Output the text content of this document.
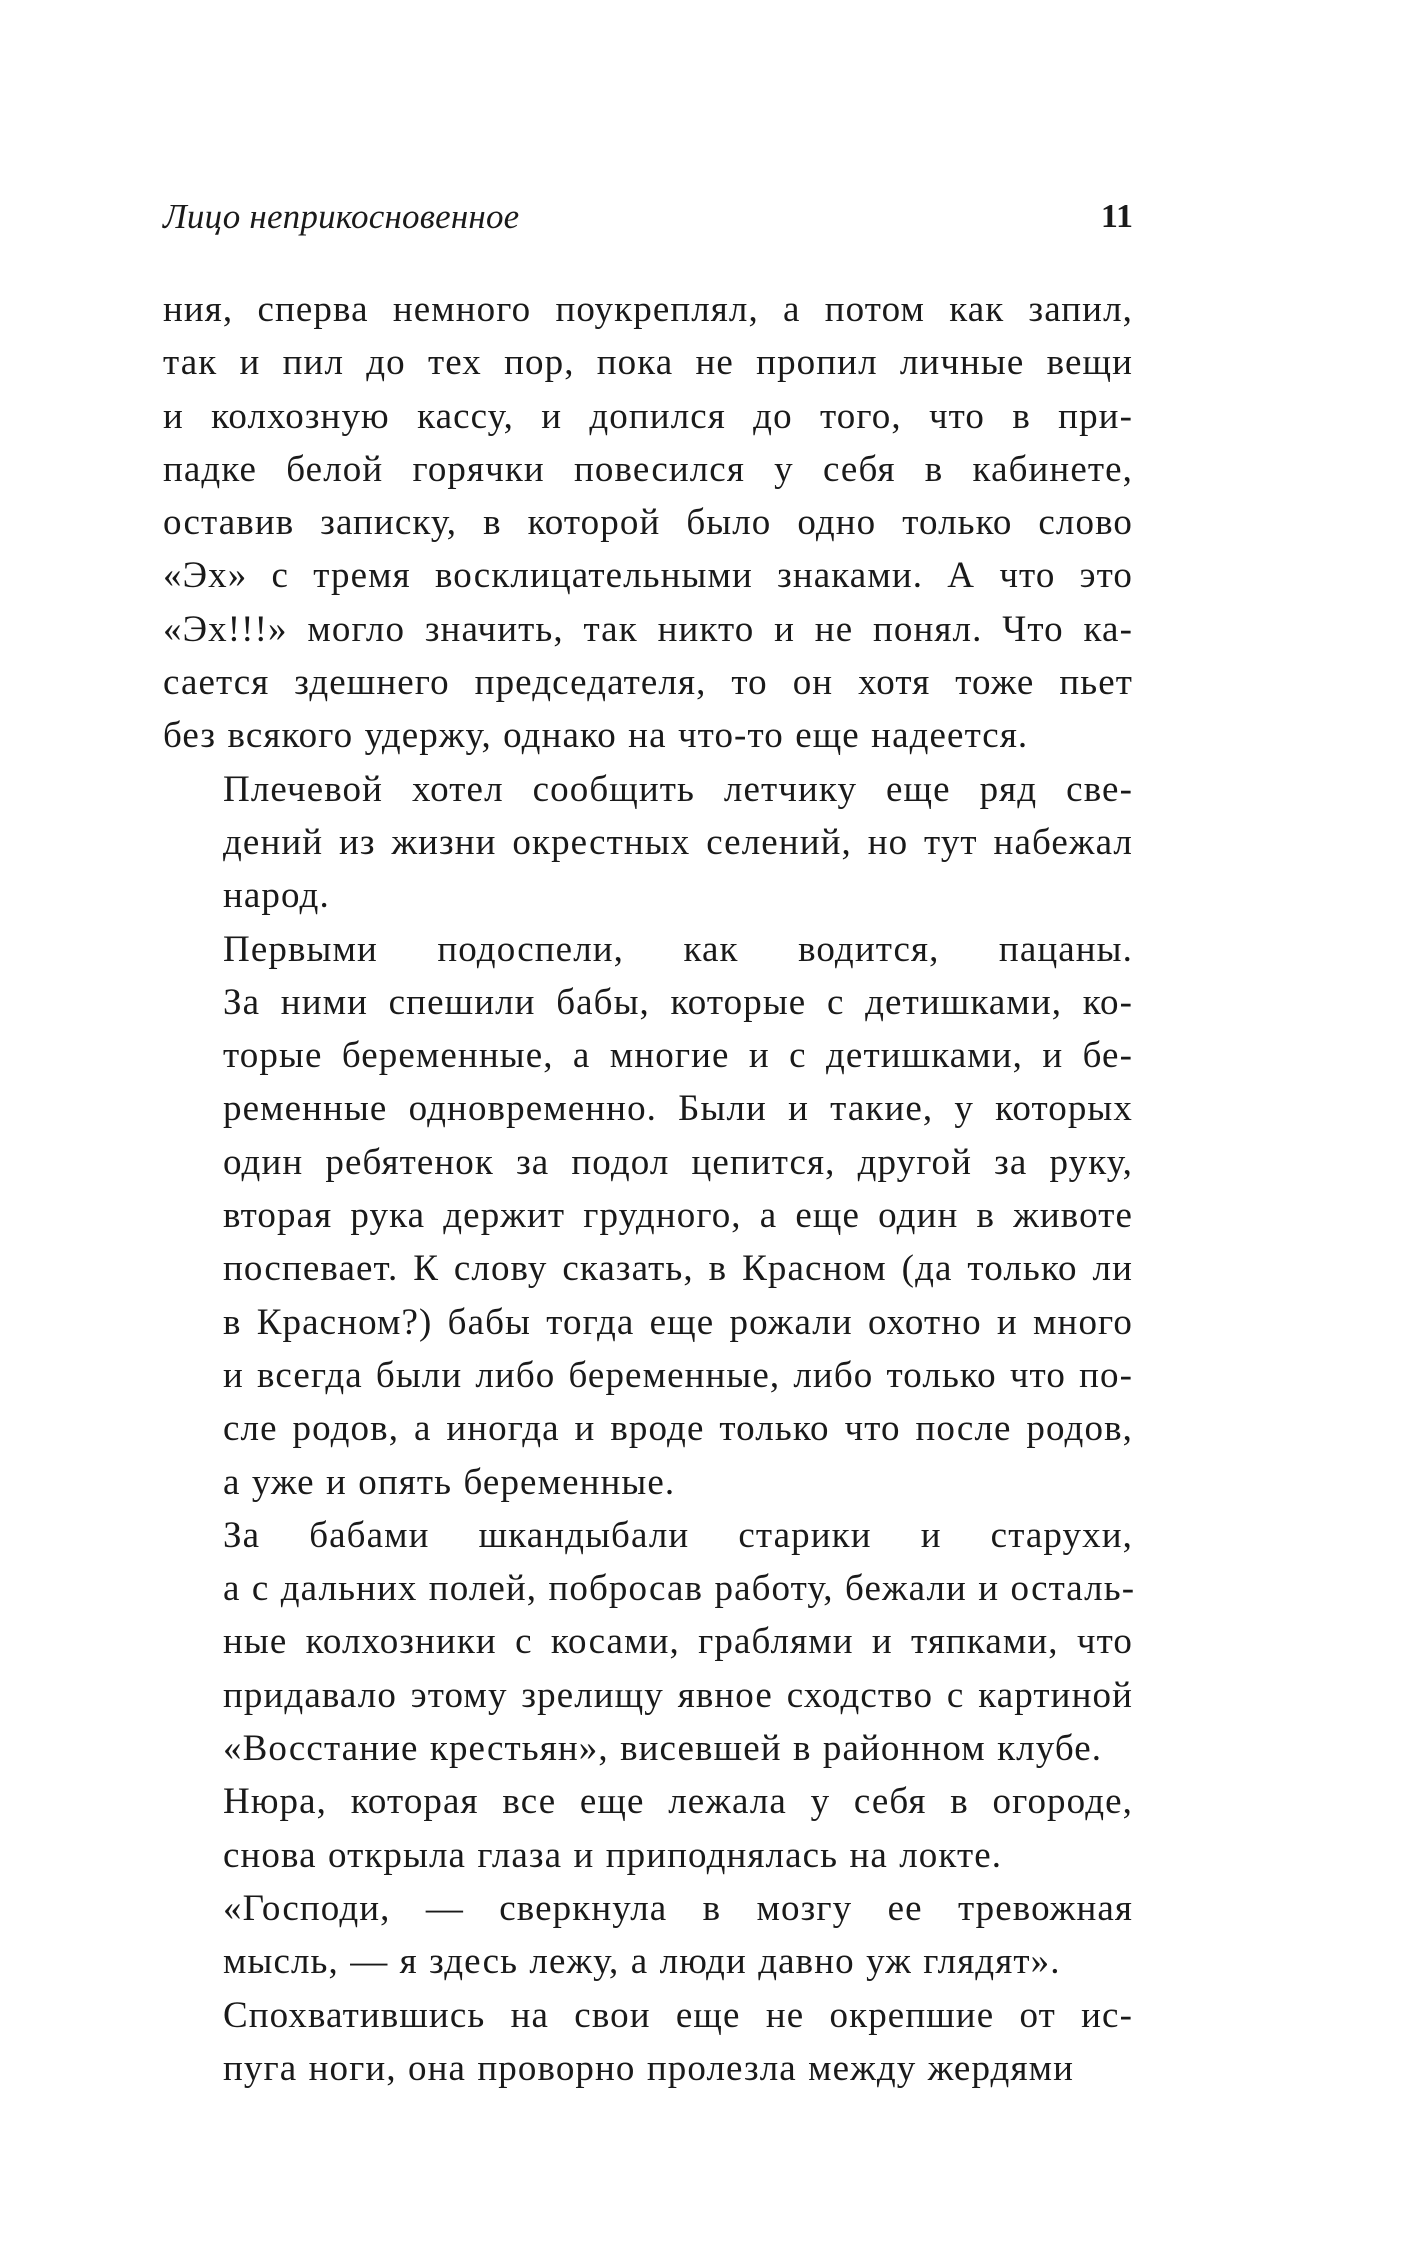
Лицо неприкосновенное	11

ния, сперва немного поукреплял, а потом как запил,
так и пил до тех пор, пока не пропил личные вещи
и колхозную кассу, и допился до того, что в при-
падке белой горячки повесился у себя в кабинете,
оставив записку, в которой было одно только слово
«Эх» с тремя восклицательными знаками. А что это
«Эх!!!» могло значить, так никто и не понял. Что ка-
сается здешнего председателя, то он хотя тоже пьет
без всякого удержу, однако на что-то еще надеется.

Плечевой хотел сообщить летчику еще ряд све-
дений из жизни окрестных селений, но тут набежал
народ.

Первыми подоспели, как водится, пацаны.
За ними спешили бабы, которые с детишками, ко-
торые беременные, а многие и с детишками, и бе-
ременные одновременно. Были и такие, у которых
один ребятенок за подол цепится, другой за руку,
вторая рука держит грудного, а еще один в животе
поспевает. К слову сказать, в Красном (да только ли
в Красном?) бабы тогда еще рожали охотно и много
и всегда были либо беременные, либо только что по-
сле родов, а иногда и вроде только что после родов,
а уже и опять беременные.

За бабами шкандыбали старики и старухи,
а с дальних полей, побросав работу, бежали и осталь-
ные колхозники с косами, граблями и тяпками, что
придавало этому зрелищу явное сходство с картиной
«Восстание крестьян», висевшей в районном клубе.

Нюра, которая все еще лежала у себя в огороде,
снова открыла глаза и приподнялась на локте.

«Господи, — сверкнула в мозгу ее тревожная
мысль, — я здесь лежу, а люди давно уж глядят».

Спохватившись на свои еще не окрепшие от ис-
пуга ноги, она проворно пролезла между жердями
